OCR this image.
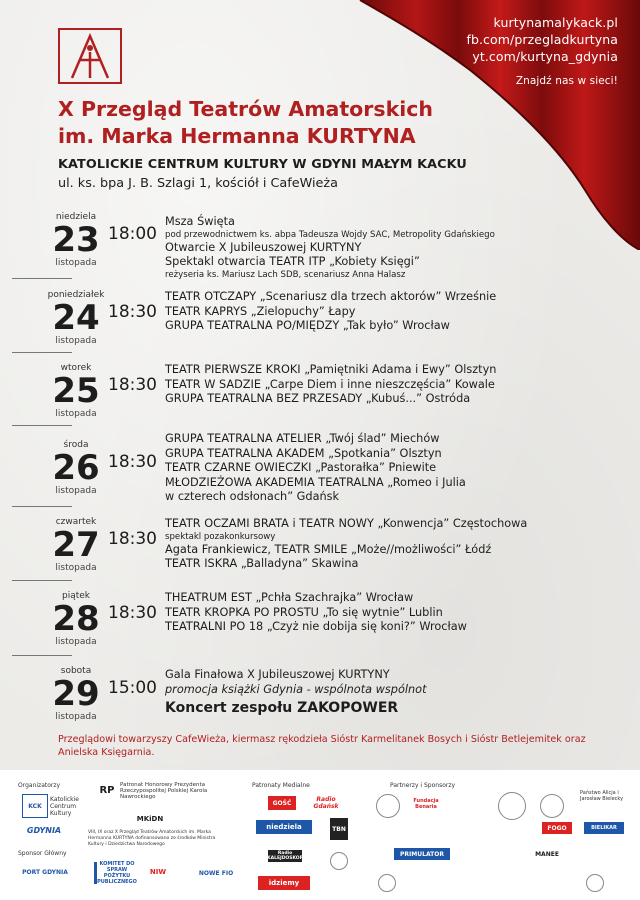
kurtynamalykack.pl
fb.com/przegladkurtyna
yt.com/kurtyna_gdynia
Znajdź nas w sieci!
X Przegląd Teatrów Amatorskich
im. Marka Hermanna KURTYNA
KATOLICKIE CENTRUM KULTURY W GDYNI MAŁYM KACKU
ul. ks. bpa J. B. Szlagi 1, kościół i CafeWieża
niedziela
23
listopada
18:00
Msza Święta
pod przewodnictwem ks. abpa Tadeusza Wojdy SAC, Metropolity Gdańskiego
Otwarcie X Jubileuszowej KURTYNY
Spektakl otwarcia TEATR ITP „Kobiety Księgi”
reżyseria ks. Mariusz Lach SDB, scenariusz Anna Halasz
poniedziałek
24
listopada
18:30
TEATR OTCZAPY „Scenariusz dla trzech aktorów” Wrześnie
TEATR KAPRYS „Zielopuchy” Łapy
GRUPA TEATRALNA PO/MIĘDZY „Tak było” Wrocław
wtorek
25
listopada
18:30
TEATR PIERWSZE KROKI „Pamiętniki Adama i Ewy” Olsztyn
TEATR W SADZIE „Carpe Diem i inne nieszczęścia” Kowale
GRUPA TEATRALNA BEZ PRZESADY „Kubuś...” Ostróda
środa
26
listopada
18:30
GRUPA TEATRALNA ATELIER „Twój ślad” Miechów
GRUPA TEATRALNA AKADEM „Spotkania” Olsztyn
TEATR CZARNE OWIECZKI „Pastorałka” Pniewite
MŁODZIEŻOWA AKADEMIA TEATRALNA „Romeo i Julia
w czterech odsłonach” Gdańsk
czwartek
27
listopada
18:30
TEATR OCZAMI BRATA i TEATR NOWY „Konwencja” Częstochowa
spektakl pozakonkursowy
Agata Frankiewicz, TEATR SMILE „Może//możliwości” Łódź
TEATR ISKRA „Balladyna” Skawina
piątek
28
listopada
18:30
THEATRUM EST „Pchła Szachrajka” Wrocław
TEATR KROPKA PO PROSTU „To się wytnie” Lublin
TEATRALNI PO 18 „Czyż nie dobija się koni?” Wrocław
sobota
29
listopada
15:00
Gala Finałowa X Jubileuszowej KURTYNY
promocja książki Gdynia - wspólnota wspólnot
Koncert zespołu ZAKOPOWER
Przeglądowi towarzyszy CafeWieża, kiermasz rękodzieła Sióstr Karmelitanek Bosych i Sióstr Betlejemitek oraz Anielska Księgarnia.
Organizatorzy
KCK
Katolickie Centrum Kultury
GDYNIA
Sponsor Główny
PORT GDYNIA
RP Patronat Honorowy Prezydenta Rzeczypospolitej Polskiej Karola Nawrockiego
MKiDN
VIII, IX oraz X Przegląd Teatrów Amatorskich im. Marka Hermanna KURTYNA dofinansowano ze środków Ministra Kultury i Dziedzictwa Narodowego
KOMITET DO SPRAW POŻYTKU PUBLICZNEGO
NIW	NOWE FIO
Patronaty Medialne
GOŚĆ	Radio Gdańsk
TBN
niedziela
Radio KALEJDOSKOP
idziemy
Partnerzy i Sponsorzy
Fundacja Benaria
FOGO
PRIMULATOR	MANEE
BIELIKAR
Państwo Alicja i Jarosław Bielecky
